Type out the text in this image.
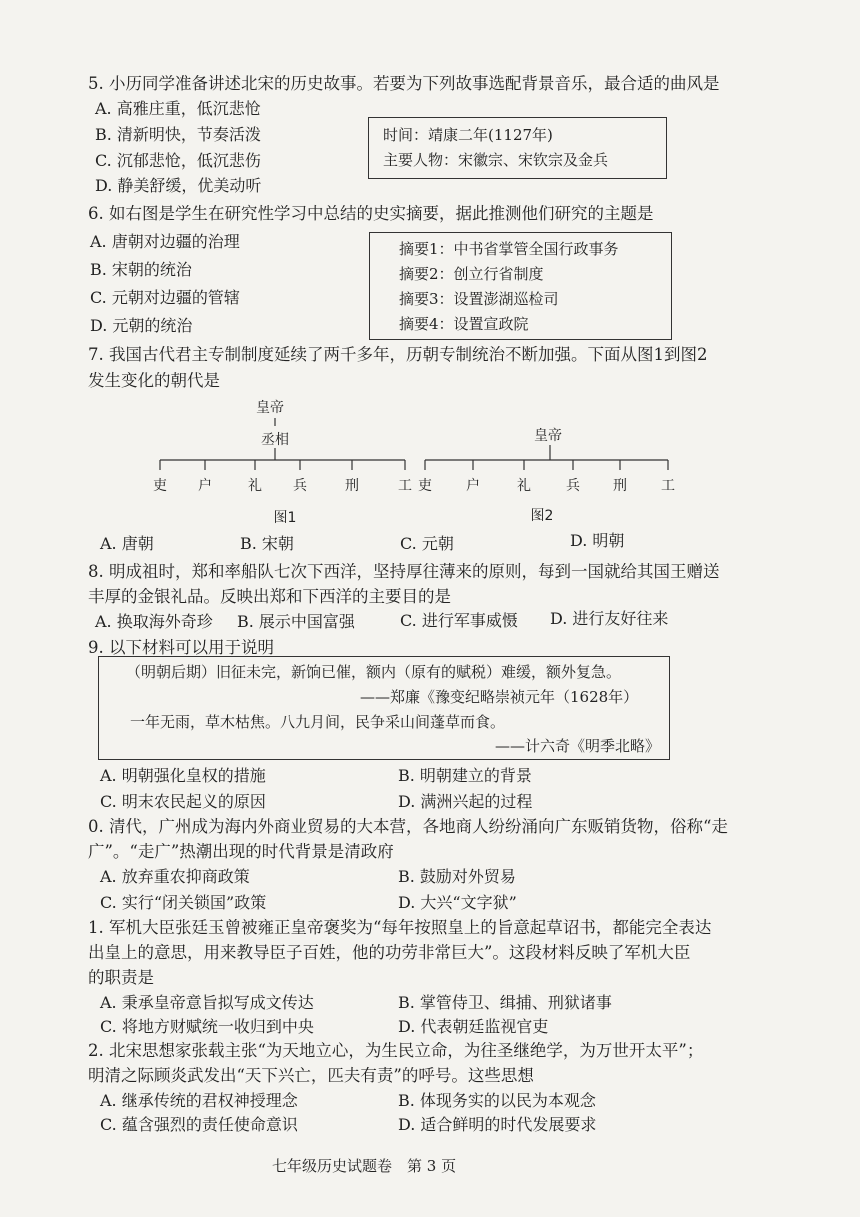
5. 小历同学准备讲述北宋的历史故事。若要为下列故事选配背景音乐，最合适的曲风是
A. 高雅庄重，低沉悲怆
B. 清新明快，节奏活泼
C. 沉郁悲怆，低沉悲伤
D. 静美舒缓，优美动听
时间：靖康二年(1127年)
主要人物：宋徽宗、宋钦宗及金兵
6. 如右图是学生在研究性学习中总结的史实摘要，据此推测他们研究的主题是
A. 唐朝对边疆的治理
B. 宋朝的统治
C. 元朝对边疆的管辖
D. 元朝的统治
摘要1：中书省掌管全国行政事务
摘要2：创立行省制度
摘要3：设置澎湖巡检司
摘要4：设置宣政院
7. 我国古代君主专制制度延续了两千多年，历朝专制统治不断加强。下面从图1到图2
发生变化的朝代是
皇帝
丞相
吏 户	礼 兵	刑	工
图1
皇帝
吏 户	礼	兵 刑 工
图2
A. 唐朝	B. 宋朝	C. 元朝	D. 明朝
8. 明成祖时，郑和率船队七次下西洋，坚持厚往薄来的原则，每到一国就给其国王赠送
丰厚的金银礼品。反映出郑和下西洋的主要目的是
A. 换取海外奇珍 B. 展示中国富强	C. 进行军事威慑 D. 进行友好往来
9. 以下材料可以用于说明
（明朝后期）旧征未完，新饷已催，额内（原有的赋税）难缓，额外复急。
——郑廉《豫变纪略崇祯元年（1628年）
一年无雨，草木枯焦。八九月间，民争采山间蓬草而食。
——计六奇《明季北略》
A. 明朝强化皇权的措施	B. 明朝建立的背景
C. 明末农民起义的原因	D. 满洲兴起的过程
0. 清代，广州成为海内外商业贸易的大本营，各地商人纷纷涌向广东贩销货物，俗称“走
广”。“走广”热潮出现的时代背景是清政府
A. 放弃重农抑商政策	B. 鼓励对外贸易
C. 实行“闭关锁国”政策	D. 大兴“文字狱”
1. 军机大臣张廷玉曾被雍正皇帝褒奖为“每年按照皇上的旨意起草诏书，都能完全表达
出皇上的意思，用来教导臣子百姓，他的功劳非常巨大”。这段材料反映了军机大臣
的职责是
A. 秉承皇帝意旨拟写成文传达	B. 掌管侍卫、缉捕、刑狱诸事
C. 将地方财赋统一收归到中央	D. 代表朝廷监视官吏
2. 北宋思想家张载主张“为天地立心，为生民立命，为往圣继绝学，为万世开太平”；
明清之际顾炎武发出“天下兴亡，匹夫有责”的呼号。这些思想
A. 继承传统的君权神授理念	B. 体现务实的以民为本观念
C. 蕴含强烈的责任使命意识	D. 适合鲜明的时代发展要求
七年级历史试题卷　第 3 页
